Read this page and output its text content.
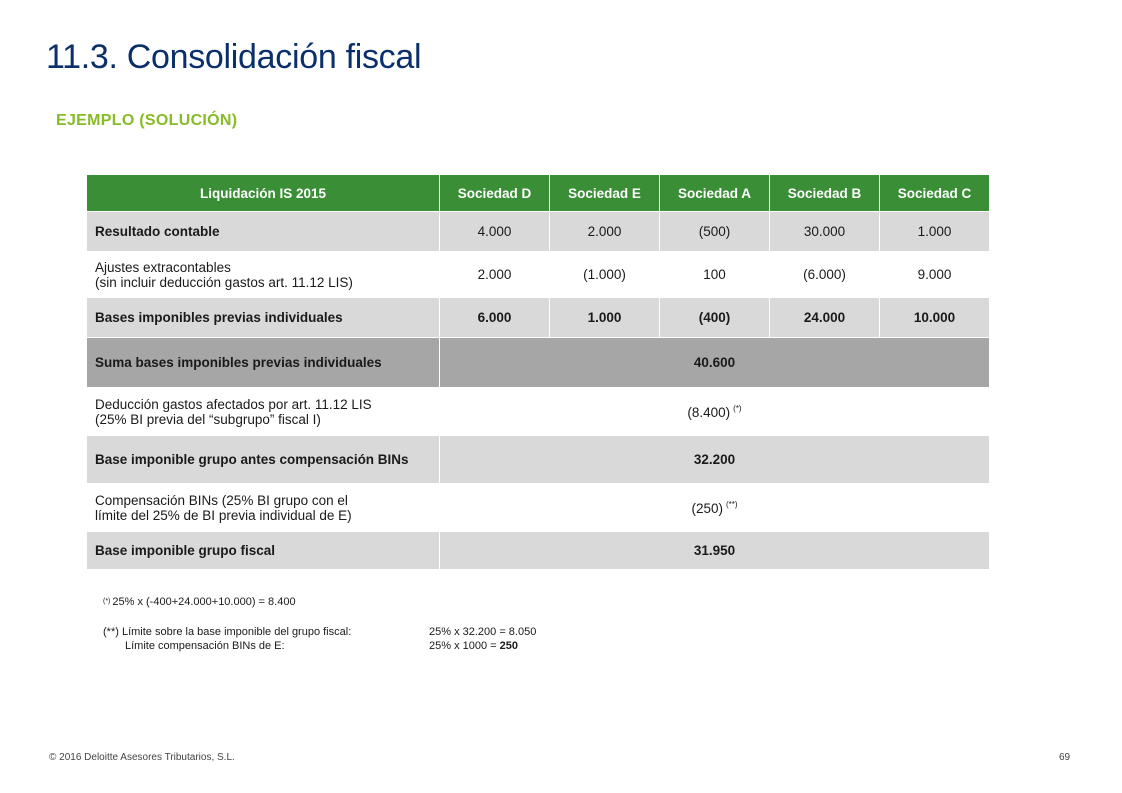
11.3. Consolidación fiscal
EJEMPLO (SOLUCIÓN)
Liquidación IS 2015	Sociedad D	Sociedad E	Sociedad A	Sociedad B	Sociedad C
Resultado contable	4.000	2.000	(500)	30.000	1.000

Ajustes extracontables
(sin incluir deducción gastos art. 11.12 LIS)	2.000	(1.000)	100	(6.000)	9.000
Bases imponibles previas individuales	6.000	1.000	(400)	24.000	10.000
Suma bases imponibles previas individuales	40.600				

Deducción gastos afectados por art. 11.12 LIS
(25% BI previa del “subgrupo” fiscal I)	(8.400) (*)
Base imponible grupo antes compensación BINs	32.200				

Compensación BINs (25% BI grupo con el
límite del 25% de BI previa individual de E)	(250) (**)
Base imponible grupo fiscal	31.950				
(*) 25% x (-400+24.000+10.000) = 8.400
(**) Límite sobre la base imponible del grupo fiscal:	25% x 32.200 = 8.050
Límite compensación BINs de E:	25% x 1000 = 250
© 2016 Deloitte Asesores Tributarios, S.L.	69
